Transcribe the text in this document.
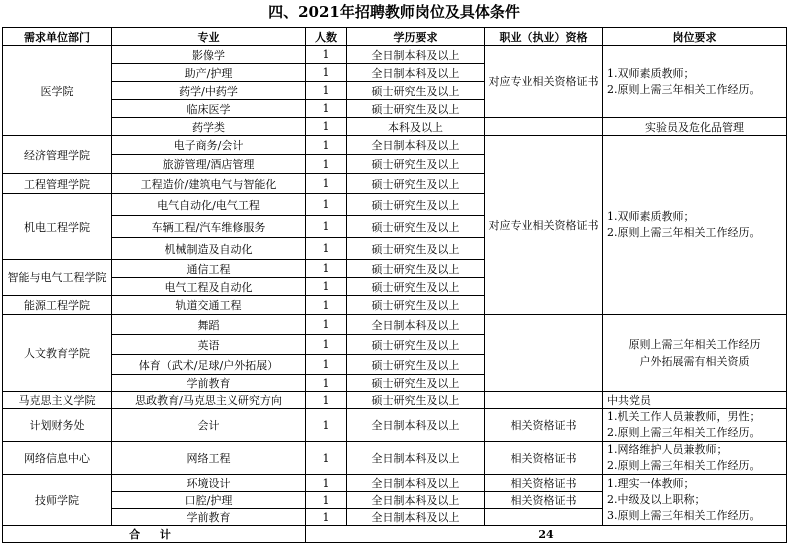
四、2021年招聘教师岗位及具体条件
需求单位部门	专业	人数	学历要求	职业（执业）资格	岗位要求
医学院	影像学	1	全日制本科及以上	对应专业相关资格证书	1.双师素质教师；
2.原则上需三年相关工作经历。

	助产/护理	1	全日制本科及以上		
	药学/中药学	1	硕士研究生及以上		
	临床医学	1	硕士研究生及以上		
	药学类	1	本科及以上		实验员及危化品管理
经济管理学院	电子商务/会计	1	全日制本科及以上	对应专业相关资格证书	1.双师素质教师；
2.原则上需三年相关工作经历。

	旅游管理/酒店管理	1	硕士研究生及以上		
工程管理学院	工程造价/建筑电气与智能化	1	硕士研究生及以上		
机电工程学院	电气自动化/电气工程	1	硕士研究生及以上		
	车辆工程/汽车维修服务	1	硕士研究生及以上		
	机械制造及自动化	1	硕士研究生及以上		
智能与电气工程学院	通信工程	1	硕士研究生及以上		
	电气工程及自动化	1	硕士研究生及以上		
能源工程学院	轨道交通工程	1	硕士研究生及以上		
人文教育学院	舞蹈	1	全日制本科及以上		原则上需三年相关工作经历
户外拓展需有相关资质

	英语	1	硕士研究生及以上		
	体育（武术/足球/户外拓展）	1	硕士研究生及以上		
	学前教育	1	硕士研究生及以上		
马克思主义学院	思政教育/马克思主义研究方向	1	硕士研究生及以上		中共党员
计划财务处	会计	1	全日制本科及以上	相关资格证书	1.机关工作人员兼教师，男性；
2.原则上需三年相关工作经历。

网络信息中心	网络工程	1	全日制本科及以上	相关资格证书	1.网络维护人员兼教师；
2.原则上需三年相关工作经历。

技师学院	环境设计	1	全日制本科及以上	相关资格证书	1.理实一体教师；
2.中级及以上职称；
3.原则上需三年相关工作经历。

	口腔/护理	1	全日制本科及以上	相关资格证书	
	学前教育	1	全日制本科及以上		
合 计		24			
